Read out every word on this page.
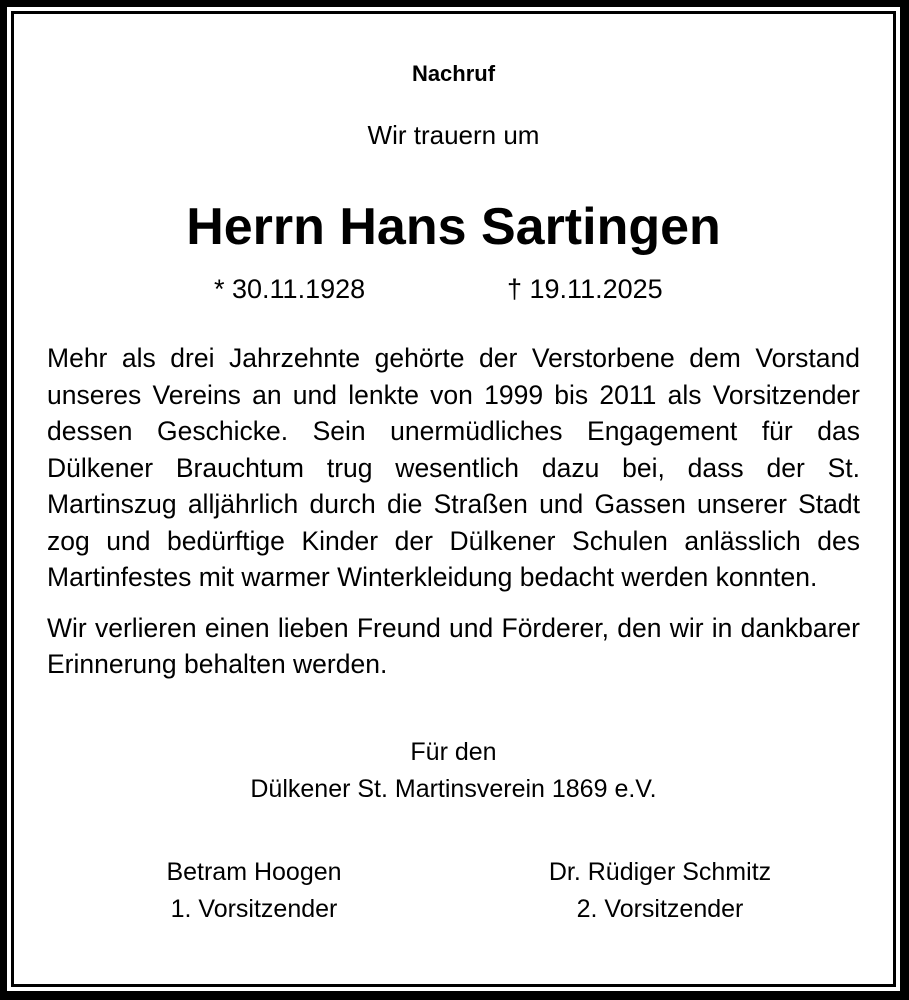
Nachruf
Wir trauern um
Herrn Hans Sartingen
* 30.11.1928	† 19.11.2025

Mehr als drei Jahrzehnte gehörte der Verstorbene dem Vorstand unseres Vereins an und lenkte von 1999 bis 2011 als Vorsitzender dessen Geschicke. Sein unermüdliches Engagement für das Dülkener Brauchtum trug wesentlich dazu bei, dass der St. Martinszug alljährlich durch die Straßen und Gassen unserer Stadt zog und bedürftige Kinder der Dülkener Schulen anlässlich des Martinfestes mit warmer Winterkleidung bedacht werden konnten.

Wir verlieren einen lieben Freund und Förderer, den wir in dankbarer Erinnerung behalten werden.

Für den
Dülkener St. Martinsverein 1869 e.V.
Betram Hoogen
1. Vorsitzender
Dr. Rüdiger Schmitz
2. Vorsitzender
